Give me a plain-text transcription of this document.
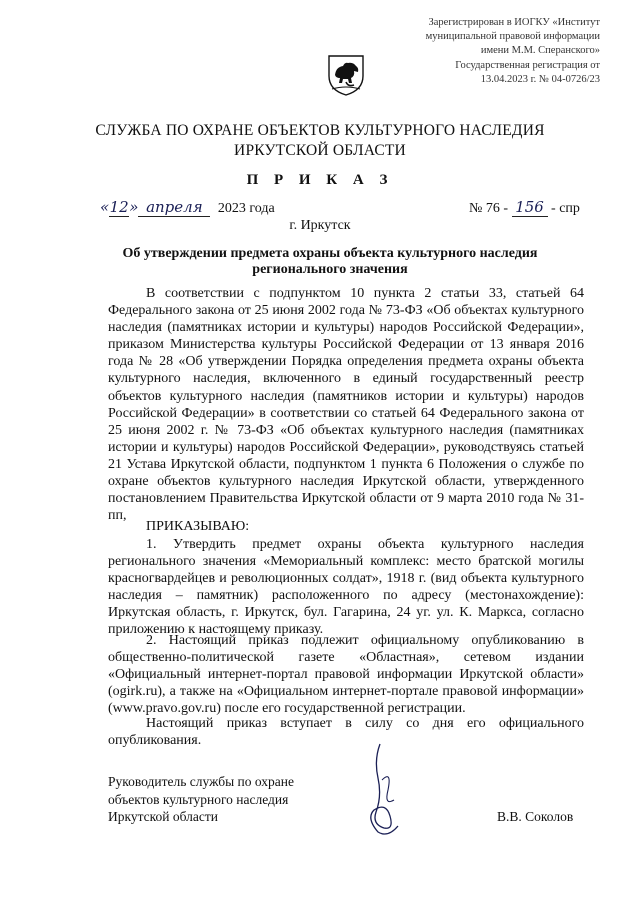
Зарегистрирован в ИОГКУ «Институт
муниципальной правовой информации
имени М.М. Сперанского»
Государственная регистрация от
13.04.2023 г. № 04-0726/23
СЛУЖБА ПО ОХРАНЕ ОБЪЕКТОВ КУЛЬТУРНОГО НАСЛЕДИЯ
ИРКУТСКОЙ ОБЛАСТИ
П Р И К А З
«12» апреля 2023 года	№ 76 - 156 - спр
г. Иркутск
Об утверждении предмета охраны объекта культурного наследия регионального значения

В соответствии с подпунктом 10 пункта 2 статьи 33, статьей 64 Федерального закона от 25 июня 2002 года № 73-ФЗ «Об объектах культурного наследия (памятниках истории и культуры) народов Российской Федерации», приказом Министерства культуры Российской Федерации от 13 января 2016 года № 28 «Об утверждении Порядка определения предмета охраны объекта культурного наследия, включенного в единый государственный реестр объектов культурного наследия (памятников истории и культуры) народов Российской Федерации» в соответствии со статьей 64 Федерального закона от 25 июня 2002 г. № 73-ФЗ «Об объектах культурного наследия (памятниках истории и культуры) народов Российской Федерации», руководствуясь статьей 21 Устава Иркутской области, подпунктом 1 пункта 6 Положения о службе по охране объектов культурного наследия Иркутской области, утвержденного постановлением Правительства Иркутской области от 9 марта 2010 года № 31-пп,

ПРИКАЗЫВАЮ:

1. Утвердить предмет охраны объекта культурного наследия регионального значения «Мемориальный комплекс: место братской могилы красногвардейцев и революционных солдат», 1918 г. (вид объекта культурного наследия – памятник) расположенного по адресу (местонахождение): Иркутская область, г. Иркутск, бул. Гагарина, 24 уг. ул. К. Маркса, согласно приложению к настоящему приказу.

2. Настоящий приказ подлежит официальному опубликованию в общественно-политической газете «Областная», сетевом издании «Официальный интернет-портал правовой информации Иркутской области» (ogirk.ru), а также на «Официальном интернет-портале правовой информации» (www.pravo.gov.ru) после его государственной регистрации.

Настоящий приказ вступает в силу со дня его официального опубликования.

Руководитель службы по охране
объектов культурного наследия
Иркутской области	В.В. Соколов
